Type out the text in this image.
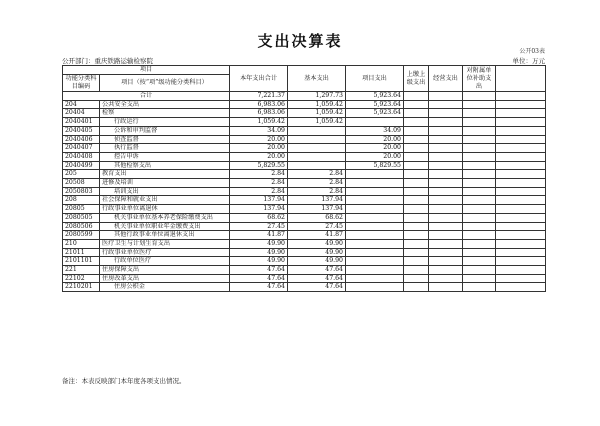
支出决算表
公开03表
公开部门：重庆铁路运输检察院	单位：万元
项目		本年支出合计	基本支出	项目支出	上缴上级支出	经营支出	对附属单位补助支出	
功能分类科目编码	项目（按“项”级功能分类科目）							
合计		7,221.37	1,297.73	5,923.64				
204	公共安全支出	6,983.06	1,059.42	5,923.64				
20404	检察	6,983.06	1,059.42	5,923.64				
2040401	行政运行	1,059.42	1,059.42					
2040405	公诉和审判监督	34.09		34.09				
2040406	侦查监督	20.00		20.00				
2040407	执行监督	20.00		20.00				
2040408	控告申诉	20.00		20.00				
2040499	其他检察支出	5,829.55		5,829.55				
205	教育支出	2.84	2.84					
20508	进修及培训	2.84	2.84					
2050803	培训支出	2.84	2.84					
208	社会保障和就业支出	137.94	137.94					
20805	行政事业单位离退休	137.94	137.94					
2080505	机关事业单位基本养老保险缴费支出	68.62	68.62					
2080506	机关事业单位职业年金缴费支出	27.45	27.45					
2080599	其他行政事业单位离退休支出	41.87	41.87					
210	医疗卫生与计划生育支出	49.90	49.90					
21011	行政事业单位医疗	49.90	49.90					
2101101	行政单位医疗	49.90	49.90					
221	住房保障支出	47.64	47.64					
22102	住房改革支出	47.64	47.64					
2210201	住房公积金	47.64	47.64					
备注：本表反映部门本年度各项支出情况。
